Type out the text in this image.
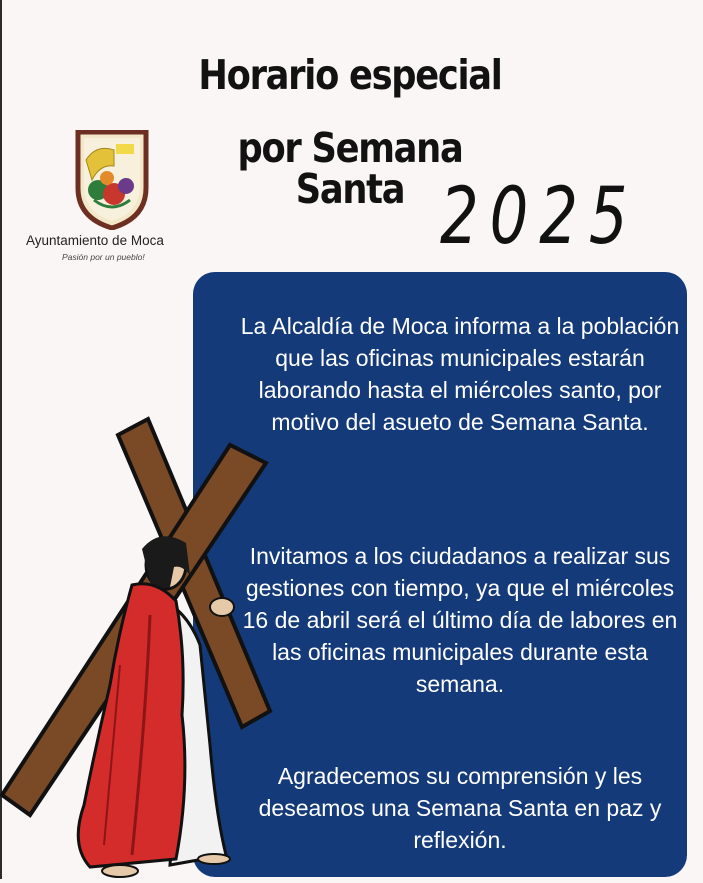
Ayuntamiento de Moca
Pasión por un pueblo!
Horario especial
por Semana Santa 2025

La Alcaldía de Moca informa a la población que las oficinas municipales estarán laborando hasta el miércoles santo, por motivo del asueto de Semana Santa.

Invitamos a los ciudadanos a realizar sus gestiones con tiempo, ya que el miércoles 16 de abril será el último día de labores en las oficinas municipales durante esta semana.

Agradecemos su comprensión y les deseamos una Semana Santa en paz y reflexión.
